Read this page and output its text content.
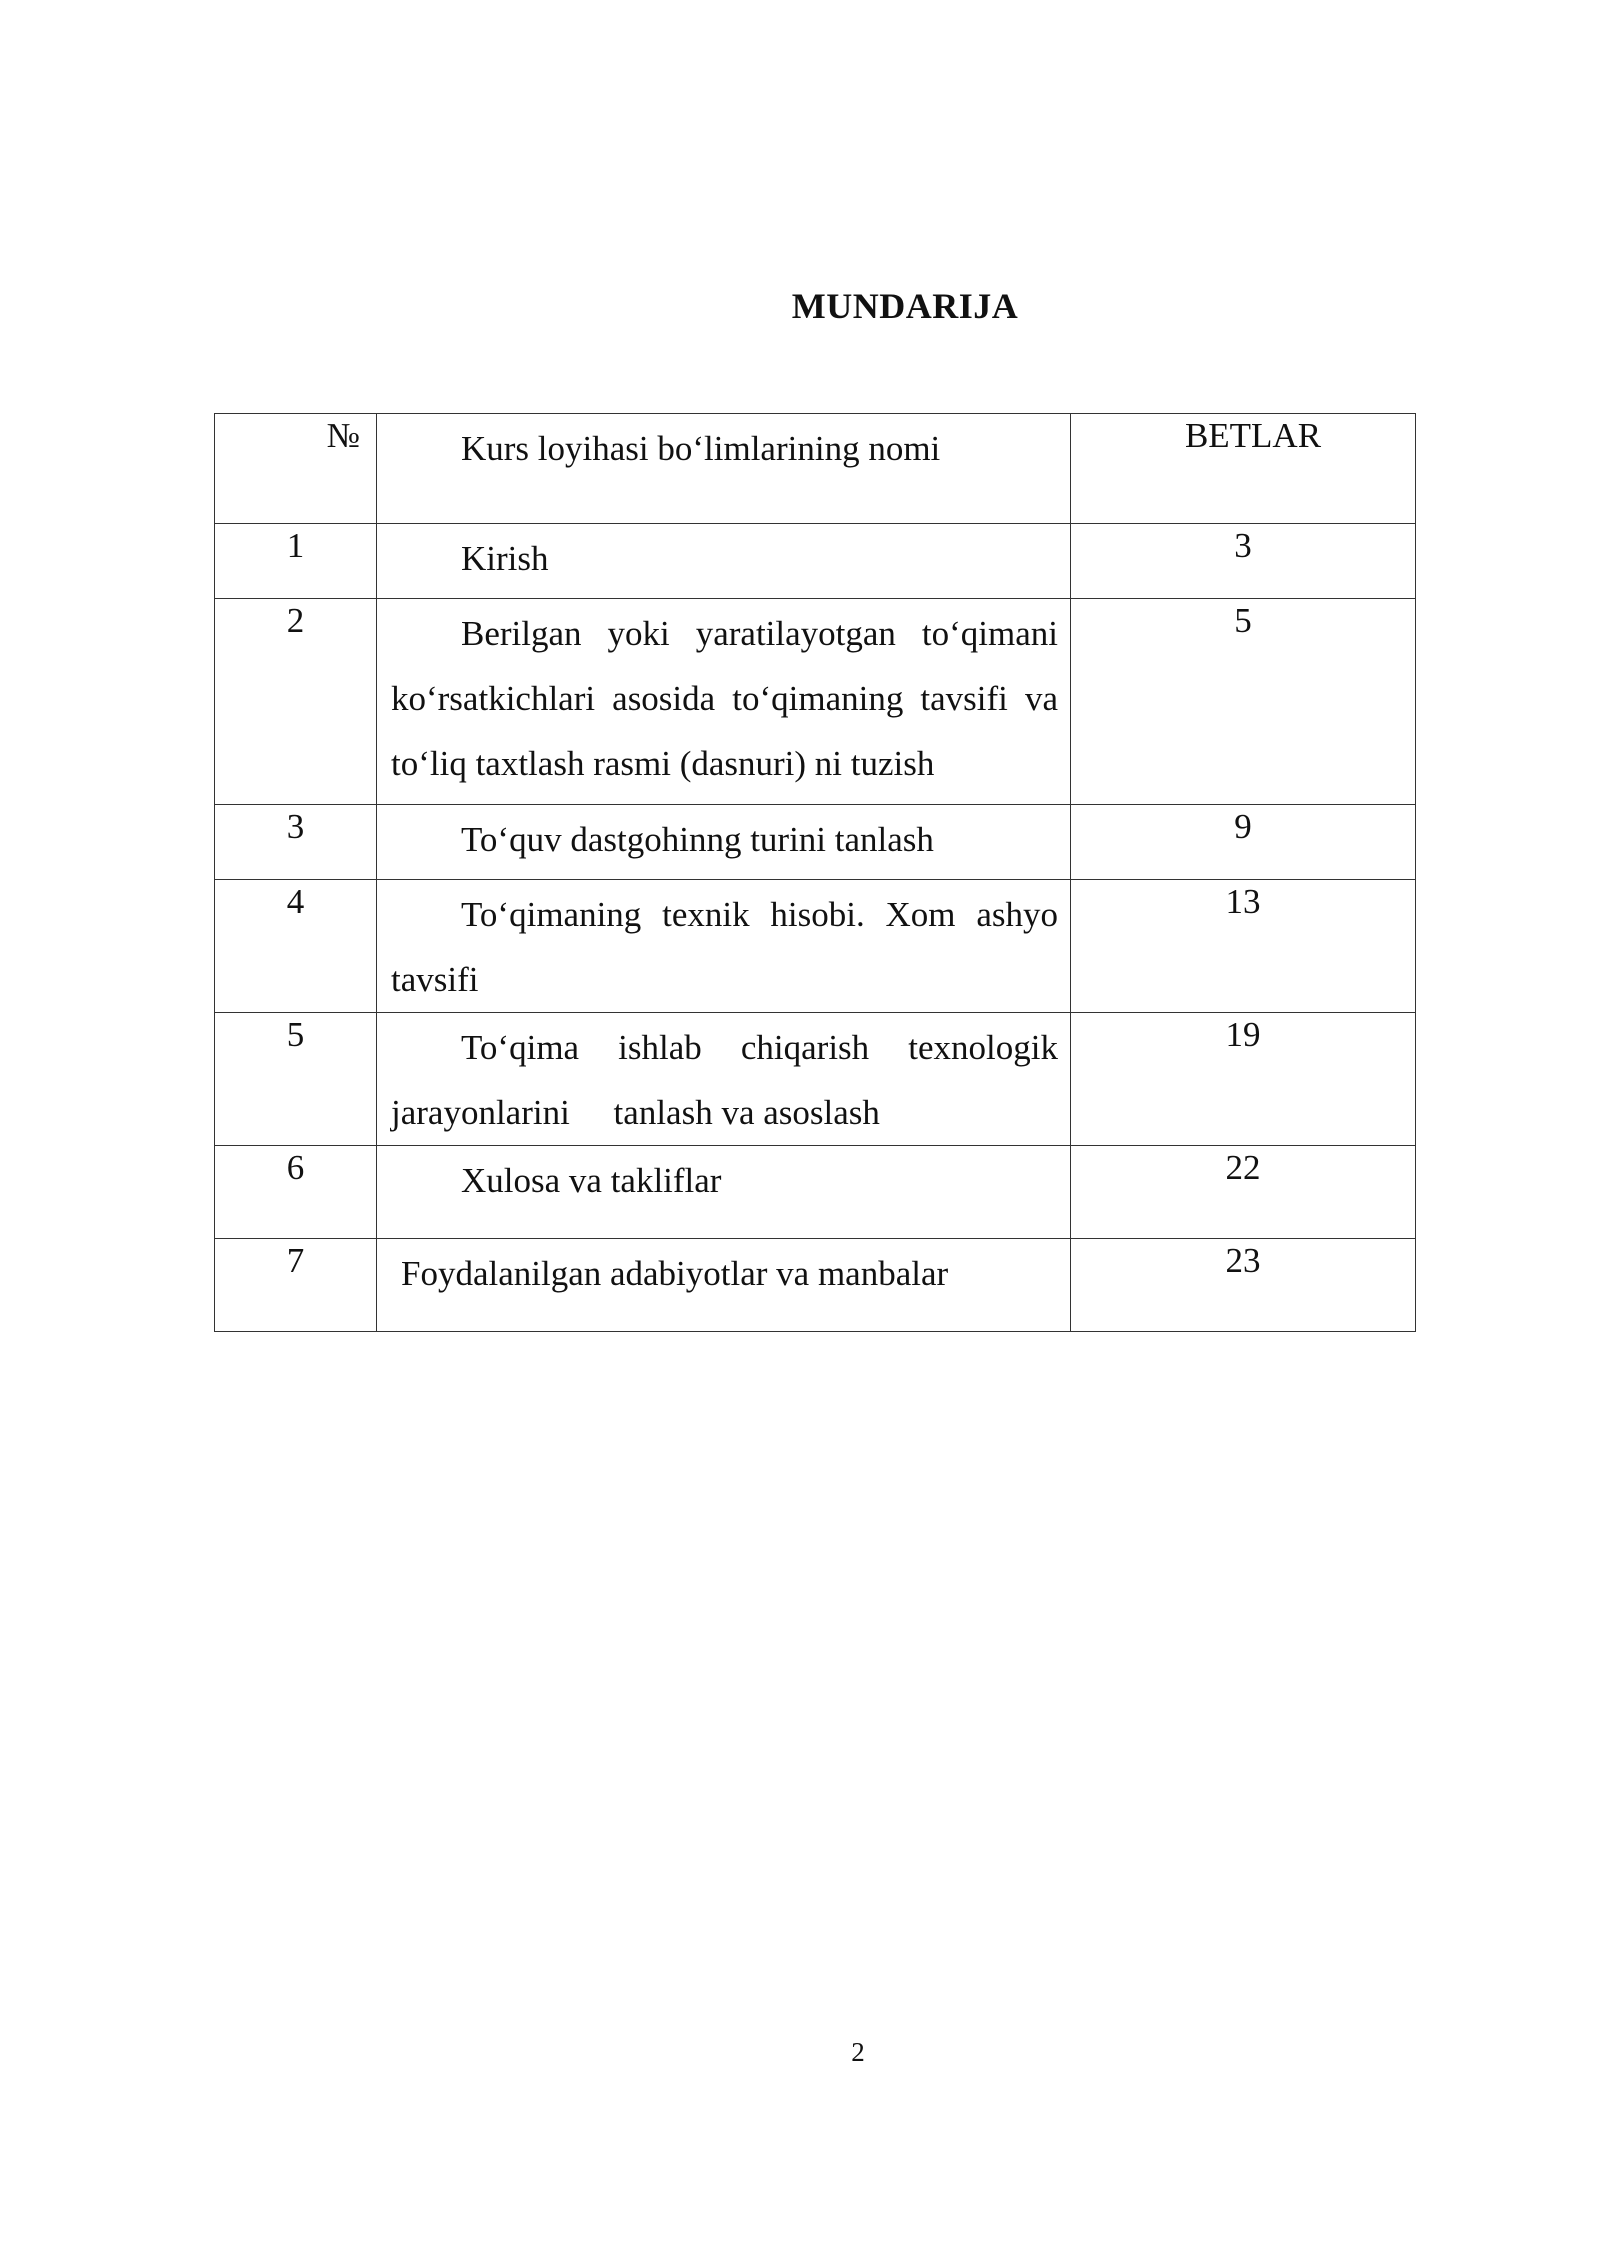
MUNDARIJA
№	Kurs loyihasi bo‘limlarining nomi	BETLAR
1	Kirish	3
2	Berilgan yoki yaratilayotgan to‘qimani ko‘rsatkichlari asosida to‘qimaning tavsifi va to‘liq taxtlash rasmi (dasnuri) ni tuzish	5
3	To‘quv dastgohinng turini tanlash	9
4	To‘qimaning texnik hisobi. Xom ashyo tavsifi	13
5	To‘qima ishlab chiqarish texnologik jarayonlarini     tanlash va asoslash	19
6	Xulosa va takliflar	22
7	Foydalanilgan adabiyotlar va manbalar	23
2
